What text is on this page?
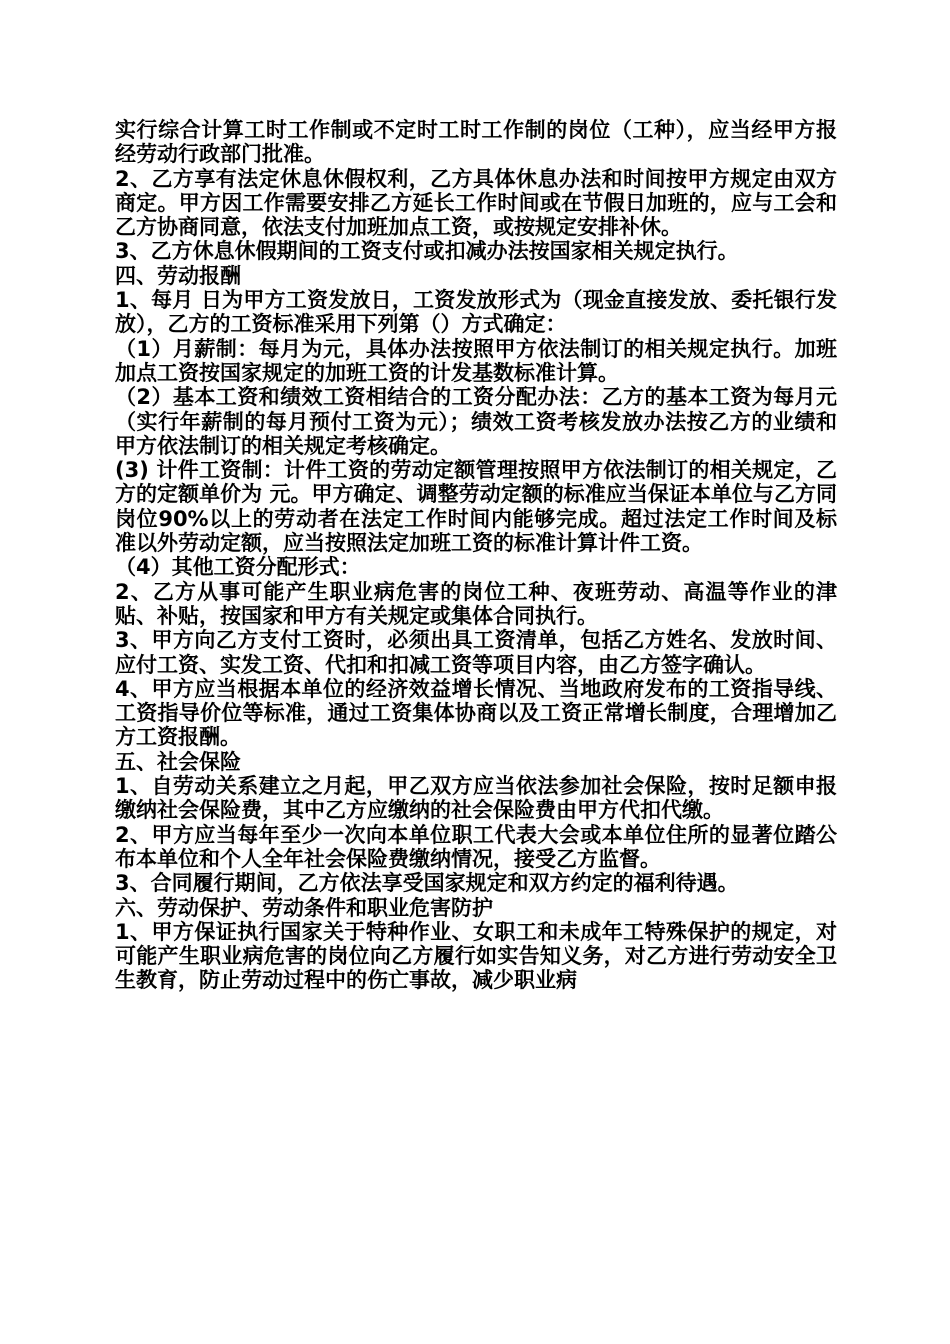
实行综合计算工时工作制或不定时工时工作制的岗位（工种），应当经甲方报经劳动行政部门批准。

2、乙方享有法定休息休假权利，乙方具体休息办法和时间按甲方规定由双方商定。甲方因工作需要安排乙方延长工作时间或在节假日加班的，应与工会和乙方协商同意，依法支付加班加点工资，或按规定安排补休。

3、乙方休息休假期间的工资支付或扣减办法按国家相关规定执行。

四、劳动报酬

1、每月 日为甲方工资发放日，工资发放形式为（现金直接发放、委托银行发放），乙方的工资标准采用下列第（）方式确定：

（1）月薪制：每月为元，具体办法按照甲方依法制订的相关规定执行。加班加点工资按国家规定的加班工资的计发基数标准计算。

（2）基本工资和绩效工资相结合的工资分配办法：乙方的基本工资为每月元（实行年薪制的每月预付工资为元）；绩效工资考核发放办法按乙方的业绩和甲方依法制订的相关规定考核确定。

(3) 计件工资制：计件工资的劳动定额管理按照甲方依法制订的相关规定，乙方的定额单价为 元。甲方确定、调整劳动定额的标准应当保证本单位与乙方同岗位90%以上的劳动者在法定工作时间内能够完成。超过法定工作时间及标准以外劳动定额，应当按照法定加班工资的标准计算计件工资。

（4）其他工资分配形式：

2、乙方从事可能产生职业病危害的岗位工种、夜班劳动、高温等作业的津贴、补贴，按国家和甲方有关规定或集体合同执行。

3、甲方向乙方支付工资时，必须出具工资清单，包括乙方姓名、发放时间、应付工资、实发工资、代扣和扣减工资等项目内容，由乙方签字确认。

4、甲方应当根据本单位的经济效益增长情况、当地政府发布的工资指导线、工资指导价位等标准，通过工资集体协商以及工资正常增长制度，合理增加乙方工资报酬。

五、社会保险

1、自劳动关系建立之月起，甲乙双方应当依法参加社会保险，按时足额申报缴纳社会保险费，其中乙方应缴纳的社会保险费由甲方代扣代缴。

2、甲方应当每年至少一次向本单位职工代表大会或本单位住所的显著位踏公布本单位和个人全年社会保险费缴纳情况，接受乙方监督。

3、合同履行期间，乙方依法享受国家规定和双方约定的福利待遇。

六、劳动保护、劳动条件和职业危害防护

1、甲方保证执行国家关于特种作业、女职工和未成年工特殊保护的规定，对可能产生职业病危害的岗位向乙方履行如实告知义务，对乙方进行劳动安全卫生教育，防止劳动过程中的伤亡事故，减少职业病
